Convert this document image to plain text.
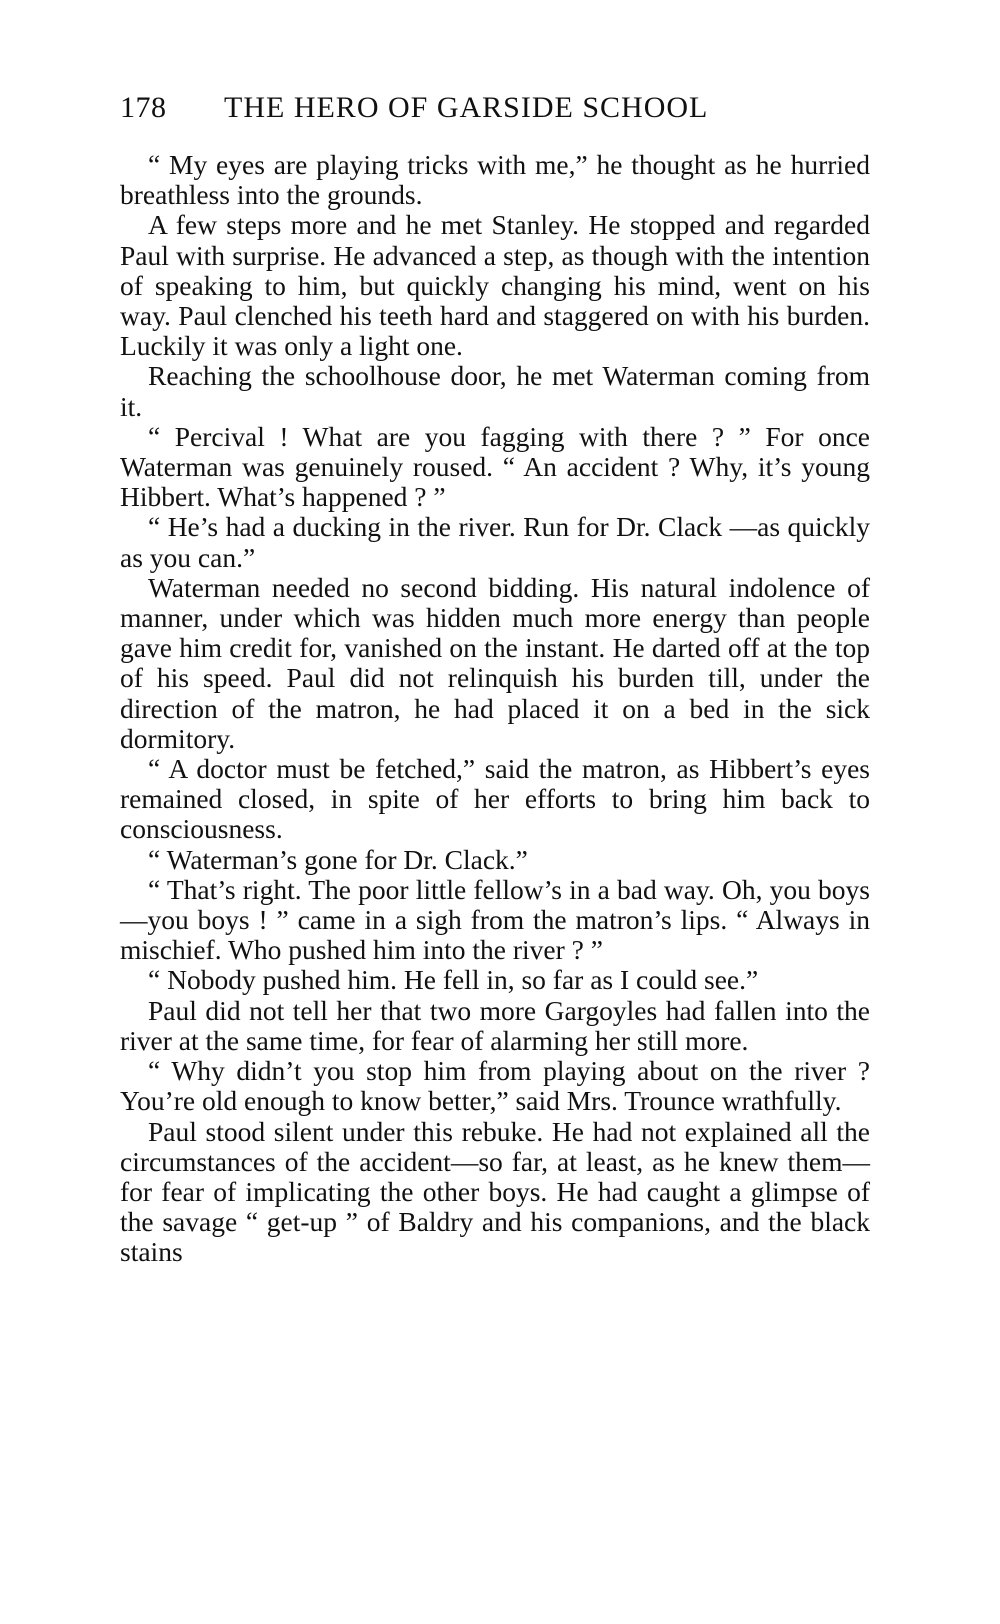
178 THE HERO OF GARSIDE SCHOOL

“ My eyes are playing tricks with me,” he thought as he hurried breathless into the grounds.

A few steps more and he met Stanley. He stopped and regarded Paul with surprise. He advanced a step, as though with the intention of speaking to him, but quickly changing his mind, went on his way. Paul clenched his teeth hard and staggered on with his burden. Luckily it was only a light one.

Reaching the schoolhouse door, he met Waterman coming from it.

“ Percival ! What are you fagging with there ? ” For once Waterman was genuinely roused. “ An accident ? Why, it’s young Hibbert. What’s happened ? ”

“ He’s had a ducking in the river. Run for Dr. Clack —as quickly as you can.”

Waterman needed no second bidding. His natural indolence of manner, under which was hidden much more energy than people gave him credit for, vanished on the instant. He darted off at the top of his speed. Paul did not relinquish his burden till, under the direction of the matron, he had placed it on a bed in the sick dormitory.

“ A doctor must be fetched,” said the matron, as Hibbert’s eyes remained closed, in spite of her efforts to bring him back to consciousness.

“ Waterman’s gone for Dr. Clack.”

“ That’s right. The poor little fellow’s in a bad way. Oh, you boys—you boys ! ” came in a sigh from the matron’s lips. “ Always in mischief. Who pushed him into the river ? ”

“ Nobody pushed him. He fell in, so far as I could see.”

Paul did not tell her that two more Gargoyles had fallen into the river at the same time, for fear of alarming her still more.

“ Why didn’t you stop him from playing about on the river ? You’re old enough to know better,” said Mrs. Trounce wrathfully.

Paul stood silent under this rebuke. He had not explained all the circumstances of the accident—so far, at least, as he knew them—for fear of implicating the other boys. He had caught a glimpse of the savage “ get-up ” of Baldry and his companions, and the black stains
